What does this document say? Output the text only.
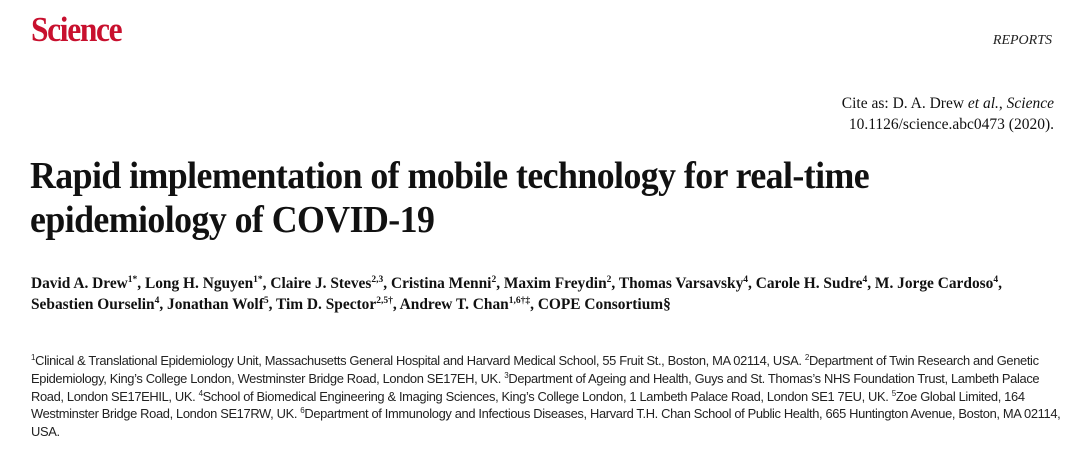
Science	REPORTS
Cite as: D. A. Drew et al., Science
10.1126/science.abc0473 (2020).
Rapid implementation of mobile technology for real-time
epidemiology of COVID-19
David A. Drew$^{1*}$, Long H. Nguyen$^{1*}$, Claire J. Steves$^{2,3}$, Cristina Menni$^2$, Maxim Freydin$^2$, Thomas Varsavsky$^4$, Carole H. Sudre$^4$, M. Jorge Cardoso$^4$, Sebastien Ourselin$^4$, Jonathan Wolf$^5$, Tim D. Spector$^{2,5\dagger}$, Andrew T. Chan$^{1,6\dagger\ddagger}$, COPE Consortium§
$^1$Clinical & Translational Epidemiology Unit, Massachusetts General Hospital and Harvard Medical School, 55 Fruit St., Boston, MA 02114, USA. $^2$Department of Twin Research and Genetic Epidemiology, King’s College London, Westminster Bridge Road, London SE17EH, UK. $^3$Department of Ageing and Health, Guys and St. Thomas’s NHS Foundation Trust, Lambeth Palace Road, London SE17EHIL, UK. $^4$School of Biomedical Engineering & Imaging Sciences, King’s College London, 1 Lambeth Palace Road, London SE1 7EU, UK. $^5$Zoe Global Limited, 164 Westminster Bridge Road, London SE17RW, UK. $^6$Department of Immunology and Infectious Diseases, Harvard T.H. Chan School of Public Health, 665 Huntington Avenue, Boston, MA 02114, USA.
